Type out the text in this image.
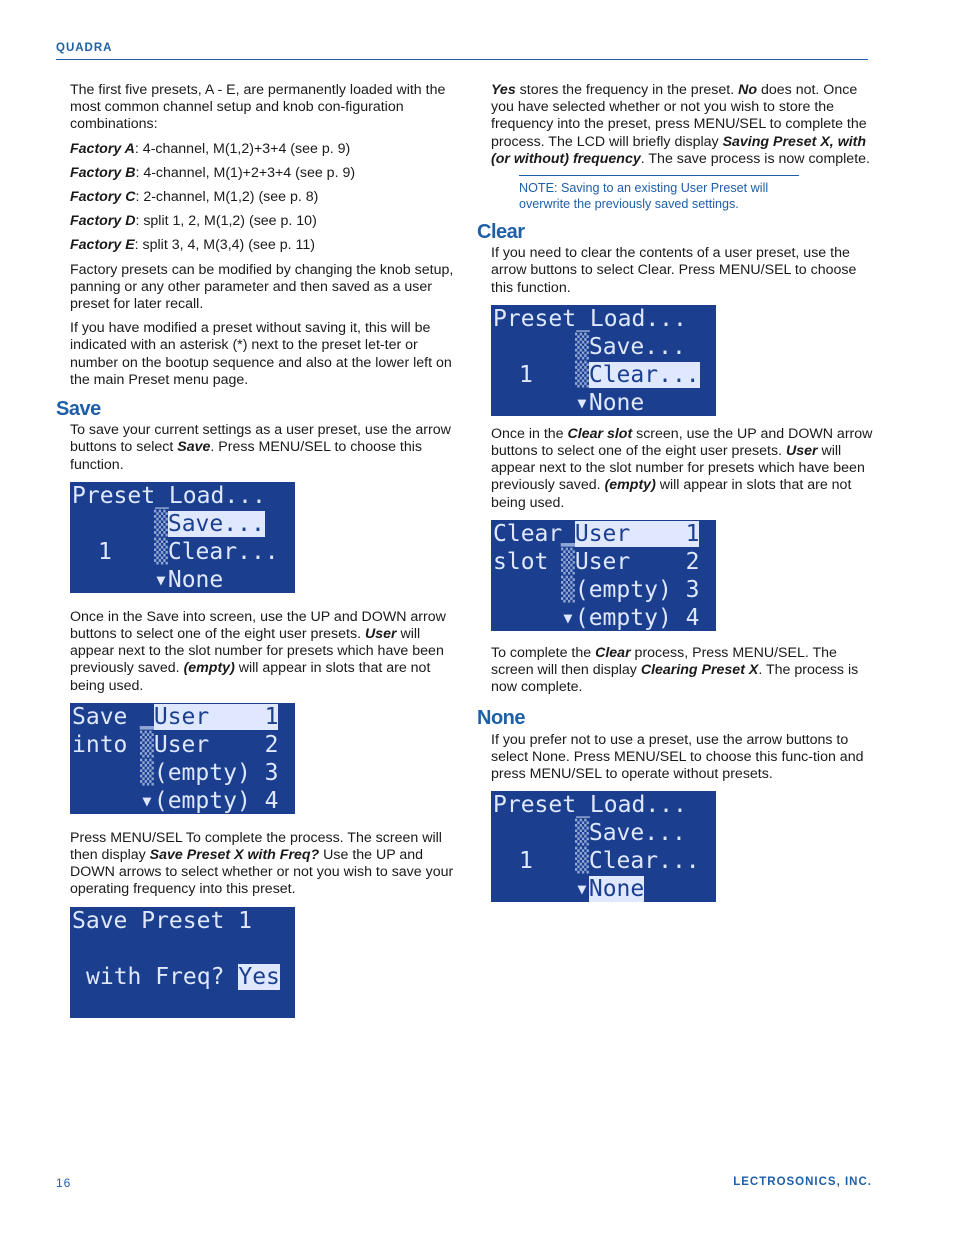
QUADRA

The first five presets, A - E, are permanently loaded with the most common channel setup and knob con-figuration combinations:

Factory A: 4-channel, M(1,2)+3+4 (see p. 9)
Factory B: 4-channel, M(1)+2+3+4 (see p. 9)
Factory C: 2-channel, M(1,2) (see p. 8)
Factory D: split 1, 2, M(1,2) (see p. 10)
Factory E: split 3, 4, M(3,4) (see p. 11)

Factory presets can be modified by changing the knob setup, panning or any other parameter and then saved as a user preset for later recall.

If you have modified a preset without saving it, this will be indicated with an asterisk (*) next to the preset let-ter or number on the bootup sequence and also at the lower left on the main Preset menu page.

Save

To save your current settings as a user preset, use the arrow buttons to select Save. Press MENU/SEL to choose this function.

Preset_Load...
▒Save...
1 ▒Clear...
▾None

Once in the Save into screen, use the UP and DOWN arrow buttons to select one of the eight user presets. User will appear next to the slot number for presets which have been previously saved. (empty) will appear in slots that are not being used.

Save
into
▁User    1
▒User    2
▒(empty) 3
▾(empty) 4

Press MENU/SEL To complete the process. The screen will then display Save Preset X with Freq? Use the UP and DOWN arrows to select whether or not you wish to save your operating frequency into this preset.

Save Preset 1
with Freq? Yes

Yes stores the frequency in the preset. No does not. Once you have selected whether or not you wish to store the frequency into the preset, press MENU/SEL to complete the process. The LCD will briefly display Saving Preset X, with (or without) frequency. The save process is now complete.

NOTE: Saving to an existing User Preset will overwrite the previously saved settings.
Clear

If you need to clear the contents of a user preset, use the arrow buttons to select Clear. Press MENU/SEL to choose this function.

Preset_Load...
▒Save...
1 ▒Clear...
▾None

Once in the Clear slot screen, use the UP and DOWN arrow buttons to select one of the eight user presets. User will appear next to the slot number for presets which have been previously saved. (empty) will appear in slots that are not being used.

Clear
slot
▁User    1
▒User    2
▒(empty) 3
▾(empty) 4

To complete the Clear process, Press MENU/SEL. The screen will then display Clearing Preset X. The process is now complete.

None

If you prefer not to use a preset, use the arrow buttons to select None. Press MENU/SEL to choose this func-tion and press MENU/SEL to operate without presets.

Preset_Load...
▒Save...
1 ▒Clear...
▾None
16	LECTROSONICS, INC.
